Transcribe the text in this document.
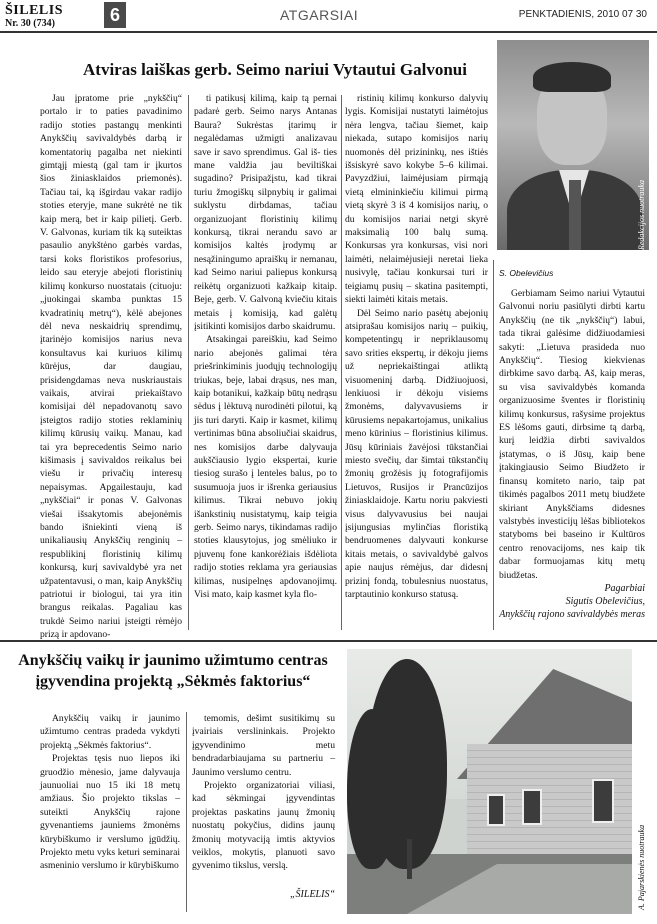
ŠILELIS
Nr. 30 (734)	6	ATGARSIAI	PENKTADIENIS, 2010 07 30
Atviras laiškas gerb. Seimo nariui Vytautui Galvonui

Jau įpratome prie „nykščių“ portalo ir to paties pavadinimo radijo stoties pastangų menkinti Anykščių savivaldybės darbą ir komentatorių pagalba net niekinti gimtąjį miestą (gal tam ir įkurtos šios žiniasklaidos priemonės). Tačiau tai, ką išgirdau vakar radijo stoties eteryje, mane sukrėtė ne tik kaip merą, bet ir kaip pilietį. Gerb. V. Galvonas, kuriam tik ką suteiktas pasaulio anykštėno garbės vardas, tarsi koks floristikos profesorius, leido sau eteryje abejoti floristinių kilimų konkurso nuostatais (cituoju: „juokingai skamba punktas 15 kvadratinių metrų“), kėlė abejones dėl neva neskaidrių sprendimų, įtarinėjo komisijos narius neva konsultavus kai kuriuos kilimų kūrėjus, dar daugiau, prisidengdamas neva nuskriaustais vaikais, atvirai priekaištavo komisijai dėl nepadovanotų savo įsteigtos radijo stoties reklaminių kilimų kūrusių vaikų. Manau, kad tai yra beprecedentis Seimo nario kišimasis į savivaldos reikalus bei viešu ir privačių interesų nepaisymas. Apgailestauju, kad „nykščiai“ ir ponas V. Galvonas viešai išsakytomis abejonėmis bando išniekinti vieną iš unikaliausių Anykščių renginių – respublikinį floristinių kilimų konkursą, kurį savivaldybė yra net užpatentavusi, o man, kaip Anykščių patriotui ir biologui, tai yra itin brangus reikalas. Pagaliau kas trukdė Seimo nariui įsteigti rėmėjo prizą ir apdovano-

ti patikusį kilimą, kaip tą pernai padarė gerb. Seimo narys Antanas Baura? Sukrėstas įtarimų ir negalėdamas užmigti analizavau save ir savo sprendimus. Gal iš- ties mane valdžia jau beviltiškai sugadino? Prisipažįstu, kad tikrai turiu žmogiškų silpnybių ir galimai suklystu dirbdamas, tačiau organizuojant floristinių kilimų konkursą, tikrai nerandu savo ar komisijos kaltės įrodymų ar nesąžiningumo apraiškų ir nemanau, kad Seimo nariui paliepus konkursą reikėtų organizuoti kažkaip kitaip. Beje, gerb. V. Galvoną kviečiu kitais metais į komisiją, kad galėtų įsitikinti komisijos darbo skaidrumu.

Atsakingai pareiškiu, kad Seimo nario abejonės galimai tėra priešrinkiminis juodųjų technologijų triukas, beje, labai drąsus, nes man, kaip botanikui, kažkaip būtų nedrąsu sėdus į lėktuvą nurodinėti pilotui, ką jis turi daryti. Kaip ir kasmet, kilimų vertinimas būna absoliučiai skaidrus, nes komisijos darbe dalyvauja aukščiausio lygio ekspertai, kurie tiesiog surašo į lenteles balus, po to susumuoja juos ir išrenka geriausius kilimus. Tikrai nebuvo jokių išankstinių nusistatymų, kaip teigia gerb. Seimo narys, tikindamas radijo stoties klausytojus, jog smėliuko ir pjuvenų fone kankorėžiais išdėliota radijo stoties reklama yra geriausias kilimas, nusipelnęs apdovanojimų. Visi mato, kaip kasmet kyla flo-

ristinių kilimų konkurso dalyvių lygis. Komisijai nustatyti laimėtojus nėra lengva, tačiau šiemet, kaip niekada, sutapo komisijos narių nuomonės dėl prizininkų, nes ištiės išsiskyrė savo kokybe 5–6 kilimai. Pavyzdžiui, laimėjusiam pirmąją vietą elmininkiečiu kilimui pirmą vietą skyrė 3 iš 4 komisijos narių, o du komisijos nariai netgi skyrė maksimalią 100 balų sumą. Konkursas yra konkursas, visi nori laimėti, nelaimėjusieji neretai lieka nusivylę, tačiau konkursai turi ir teigiamų pusių – skatina pasitempti, siekti laimėti kitais metais.

Dėl Seimo nario pasėtų abejonių atsiprašau komisijos narių – puikių, kompetentingų ir nepriklausomų savo srities ekspertų, ir dėkoju jiems už nepriekaištingai atliktą visuomeninį darbą. Didžiuojuosi, lenkiuosi ir dėkoju visiems žmonėms, dalyvavusiems ir kūrusiems nepakartojamus, unikalius meno kūrinius – floristinius kilimus. Jūsų kūriniais žavėjosi tūkstančiai miesto svečių, dar šimtai tūkstančių žmonių grožėsis jų fotografijomis Lietuvos, Rusijos ir Prancūzijos žiniasklaidoje. Kartu noriu pakviesti visus dalyvavusius bei naujai įsijungusias mylinčias floristiką bendruomenes dalyvauti konkurse kitais metais, o savivaldybė galvos apie naujus rėmėjus, dar didesnį prizinį fondą, tobulesnius nuostatus, tarptautinio konkurso statusą.

Redakcijos nuotrauka
S. Obelevičius

Gerbiamam Seimo nariui Vytautui Galvonui noriu pasiūlyti dirbti kartu Anykščių (ne tik „nykščių“) labui, tada tikrai galėsime didžiuodamiesi sakyti: „Lietuva prasideda nuo Anykščių“. Tiesiog kiekvienas dirbkime savo darbą. Aš, kaip meras, su visa savivaldybės komanda organizuosime šventes ir floristinių kilimų konkursus, rašysime projektus ES lėšoms gauti, dirbsime tą darbą, kurį leidžia dirbti savivaldos įstatymas, o iš Jūsų, kaip bene įtakingiausio Seimo Biudžeto ir finansų komiteto nario, taip pat tikimės pagalbos 2011 metų biudžete skiriant Anykščiams didesnes valstybės investicijų lėšas bibliotekos statyboms bei baseino ir Kultūros centro renovacijoms, nes kaip tik dabar formuojamas kitų metų biudžetas.

Pagarbiai
Sigutis Obelevičius,
Anykščių rajono savivaldybės meras
Anykščių vaikų ir jaunimo užimtumo centras įgyvendina projektą „Sėkmės faktorius“

Anykščių vaikų ir jaunimo užimtumo centras pradeda vykdyti projektą „Sėkmės faktorius“.

Projektas tęsis nuo liepos iki gruodžio mėnesio, jame dalyvauja jaunuoliai nuo 15 iki 18 metų amžiaus. Šio projekto tikslas – suteikti Anykščių rajone gyvenantiems jauniems žmonėms kūrybiškumo ir verslumo įgūdžių. Projekto metu vyks keturi seminarai asmeninio verslumo ir kūrybiškumo

temomis, dešimt susitikimų su įvairiais verslininkais. Projekto įgyvendinimo metu bendradarbiaujama su partneriu – Jaunimo verslumo centru.

Projekto organizatoriai viliasi, kad sėkmingai įgyvendintas projektas paskatins jaunų žmonių nuostatų pokyčius, didins jaunų žmonių motyvaciją imtis aktyvios veiklos, mokytis, planuoti savo gyvenimo tikslus, verslą.

„ŠILELIS“	A. Pajarskienės nuotrauka
